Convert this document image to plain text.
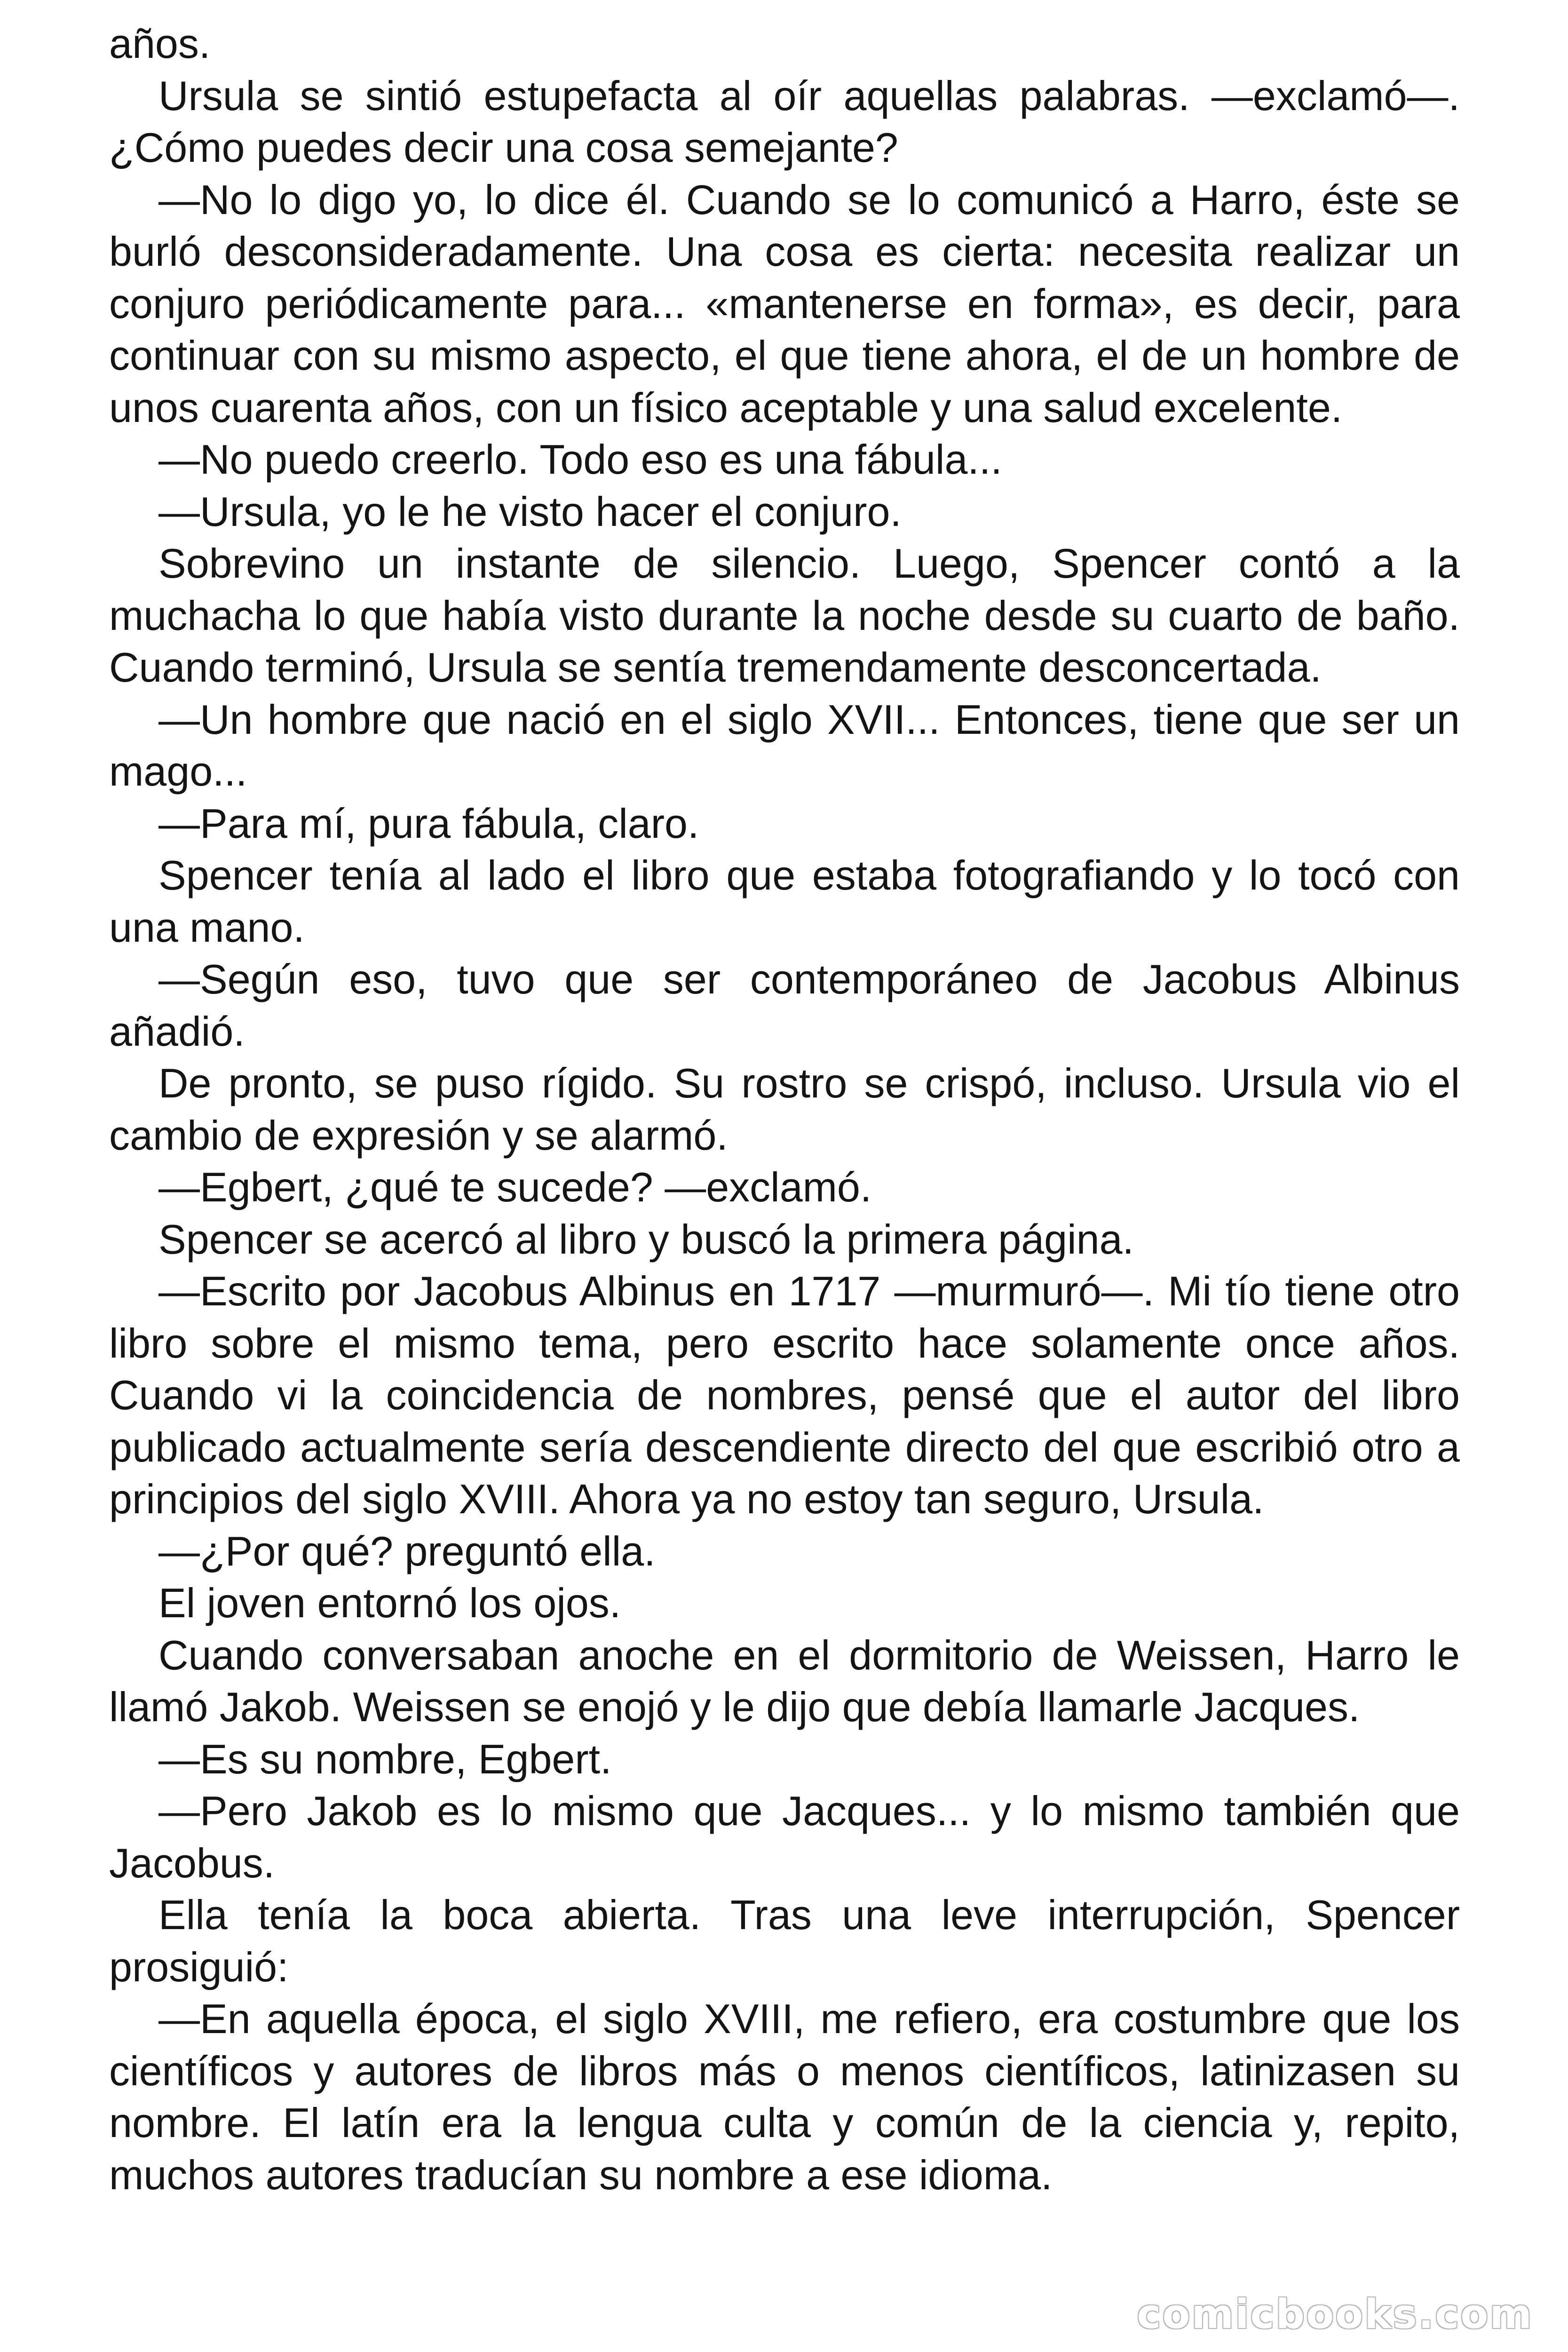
años.

Ursula se sintió estupefacta al oír aquellas palabras. —exclamó—. ¿Cómo puedes decir una cosa semejante?

—No lo digo yo, lo dice él. Cuando se lo comunicó a Harro, éste se burló desconsideradamente. Una cosa es cierta: necesita realizar un conjuro periódicamente para... «mantenerse en forma», es decir, para continuar con su mismo aspecto, el que tiene ahora, el de un hombre de unos cuarenta años, con un físico aceptable y una salud excelente.

—No puedo creerlo. Todo eso es una fábula...

—Ursula, yo le he visto hacer el conjuro.

Sobrevino un instante de silencio. Luego, Spencer contó a la muchacha lo que había visto durante la noche desde su cuarto de baño. Cuando terminó, Ursula se sentía tremendamente desconcertada.

—Un hombre que nació en el siglo XVII... Entonces, tiene que ser un mago...

—Para mí, pura fábula, claro.

Spencer tenía al lado el libro que estaba fotografiando y lo tocó con una mano.

—Según eso, tuvo que ser contemporáneo de Jacobus Albinus añadió.

De pronto, se puso rígido. Su rostro se crispó, incluso. Ursula vio el cambio de expresión y se alarmó.

—Egbert, ¿qué te sucede? —exclamó.

Spencer se acercó al libro y buscó la primera página.

—Escrito por Jacobus Albinus en 1717 —murmuró—. Mi tío tiene otro libro sobre el mismo tema, pero escrito hace solamente once años. Cuando vi la coincidencia de nombres, pensé que el autor del libro publicado actualmente sería descendiente directo del que escribió otro a principios del siglo XVIII. Ahora ya no estoy tan seguro, Ursula.

—¿Por qué? preguntó ella.

El joven entornó los ojos.

Cuando conversaban anoche en el dormitorio de Weissen, Harro le llamó Jakob. Weissen se enojó y le dijo que debía llamarle Jacques.

—Es su nombre, Egbert.

—Pero Jakob es lo mismo que Jacques... y lo mismo también que Jacobus.

Ella tenía la boca abierta. Tras una leve interrupción, Spencer prosiguió:

—En aquella época, el siglo XVIII, me refiero, era costumbre que los científicos y autores de libros más o menos científicos, latinizasen su nombre. El latín era la lengua culta y común de la ciencia y, repito, muchos autores traducían su nombre a ese idioma.

comicbooks.com
